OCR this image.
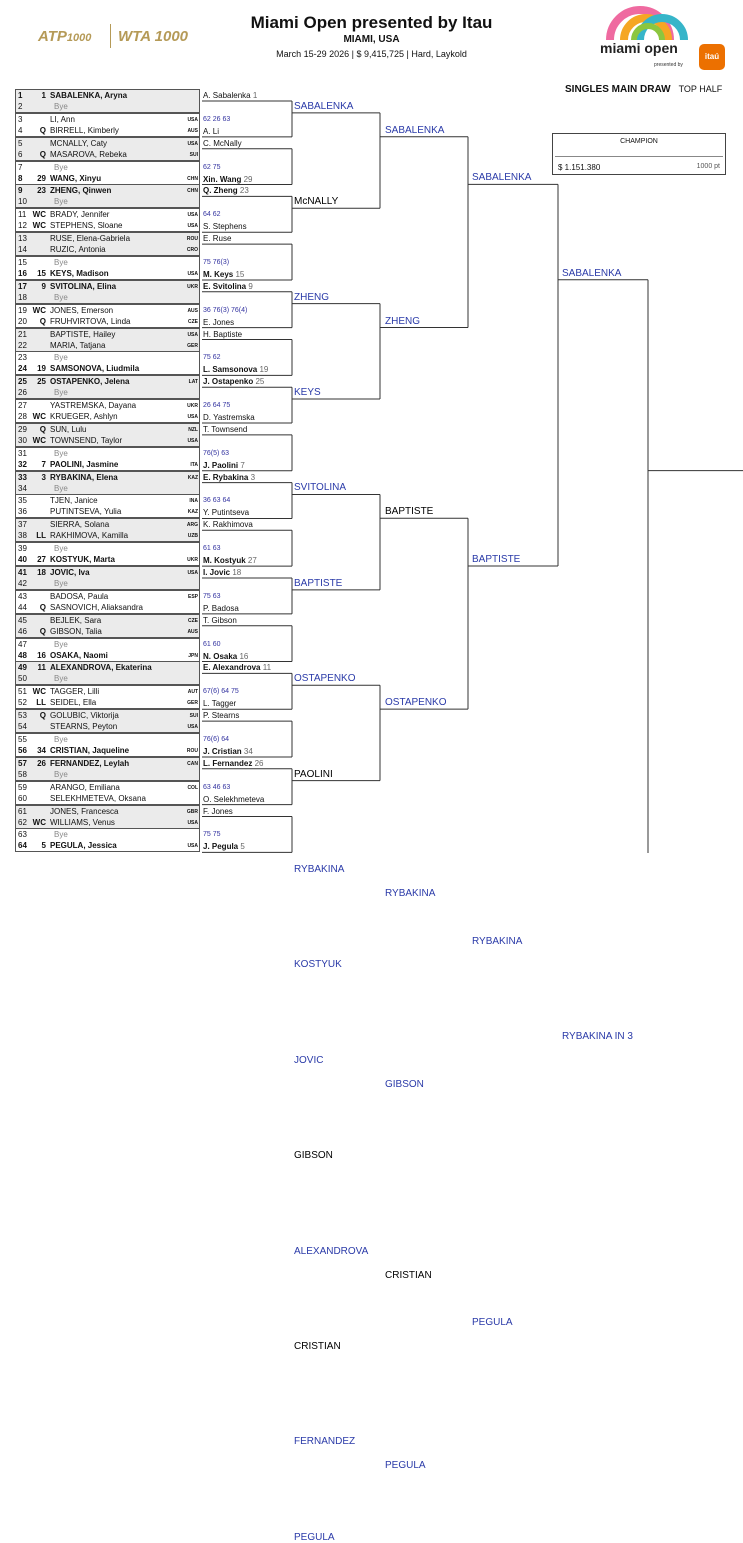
ATP1000 WTA 1000
Miami Open presented by Itau
MIAMI, USA
March 15-29 2026 | $ 9,415,725 | Hard, Laykold	miami open
presented by
itaú
SINGLES MAIN DRAW TOP HALF
CHAMPION
$ 1.151.380	1000 pt
1	1 SABALENKA, Aryna
2	Bye
3	LI, Ann	USA
4	Q BIRRELL, Kimberly	AUS
5	MCNALLY, Caty	USA
6	Q MASAROVA, Rebeka	SUI
7	Bye
8	29 WANG, Xinyu	CHN
9	23 ZHENG, Qinwen	CHN
10	Bye
11 WC BRADY, Jennifer	USA
12 WC STEPHENS, Sloane	USA
13	RUSE, Elena-Gabriela	ROU
14	RUZIC, Antonia	CRO
15	Bye
16	15 KEYS, Madison	USA
17	9 SVITOLINA, Elina	UKR
18	Bye
19 WC JONES, Emerson	AUS
20	Q FRUHVIRTOVA, Linda	CZE
21	BAPTISTE, Hailey	USA
22	MARIA, Tatjana	GER
23	Bye
24	19 SAMSONOVA, Liudmila
25	25 OSTAPENKO, Jelena	LAT
26	Bye
27	YASTREMSKA, Dayana	UKR
28 WC KRUEGER, Ashlyn	USA
29	Q SUN, Lulu	NZL
30 WC TOWNSEND, Taylor	USA
31	Bye
32	7 PAOLINI, Jasmine	ITA
33	3 RYBAKINA, Elena	KAZ
34	Bye
35	TJEN, Janice	INA
36	PUTINTSEVA, Yulia	KAZ
37	SIERRA, Solana	ARG
38	LL RAKHIMOVA, Kamilla	UZB
39	Bye
40	27 KOSTYUK, Marta	UKR
41	18 JOVIC, Iva	USA
42	Bye
43	BADOSA, Paula	ESP
44	Q SASNOVICH, Aliaksandra
45	BEJLEK, Sara	CZE
46	Q GIBSON, Talia	AUS
47	Bye
48	16 OSAKA, Naomi	JPN
49	11 ALEXANDROVA, Ekaterina
50	Bye
51 WC TAGGER, Lilli	AUT
52	LL SEIDEL, Ella	GER
53	Q GOLUBIC, Viktorija	SUI
54	STEARNS, Peyton	USA
55	Bye
56	34 CRISTIAN, Jaqueline	ROU
57	26 FERNANDEZ, Leylah	CAN
58	Bye
59	ARANGO, Emiliana	COL
60	SELEKHMETEVA, Oksana
61	JONES, Francesca	GBR
62 WC WILLIAMS, Venus	USA
63	Bye
64	5 PEGULA, Jessica	USA
A. Sabalenka 1
62 26 63
A. Li
C. McNally
62 75
Xin. Wang 29
Q. Zheng 23
64 62
S. Stephens
E. Ruse
75 76(3)
M. Keys 15
E. Svitolina 9
36 76(3) 76(4)
E. Jones
H. Baptiste
75 62
L. Samsonova 19
J. Ostapenko 25
26 64 75
D. Yastremska
T. Townsend
76(5) 63
J. Paolini 7
E. Rybakina 3
36 63 64
Y. Putintseva
K. Rakhimova
61 63
M. Kostyuk 27
I. Jovic 18
75 63
P. Badosa
T. Gibson
61 60
N. Osaka 16
E. Alexandrova 11
67(6) 64 75
L. Tagger
P. Stearns
76(6) 64
J. Cristian 34
L. Fernandez 26
63 46 63
O. Selekhmeteva
F. Jones
75 75
J. Pegula 5
SABALENKA
McNALLY
ZHENG
KEYS
SVITOLINA
BAPTISTE
OSTAPENKO
PAOLINI
RYBAKINA
KOSTYUK
JOVIC
GIBSON
ALEXANDROVA
CRISTIAN
FERNANDEZ
PEGULA
SABALENKA
ZHENG
BAPTISTE
OSTAPENKO
RYBAKINA
GIBSON
CRISTIAN
PEGULA
SABALENKA
BAPTISTE
RYBAKINA
PEGULA
SABALENKA
RYBAKINA IN 3
